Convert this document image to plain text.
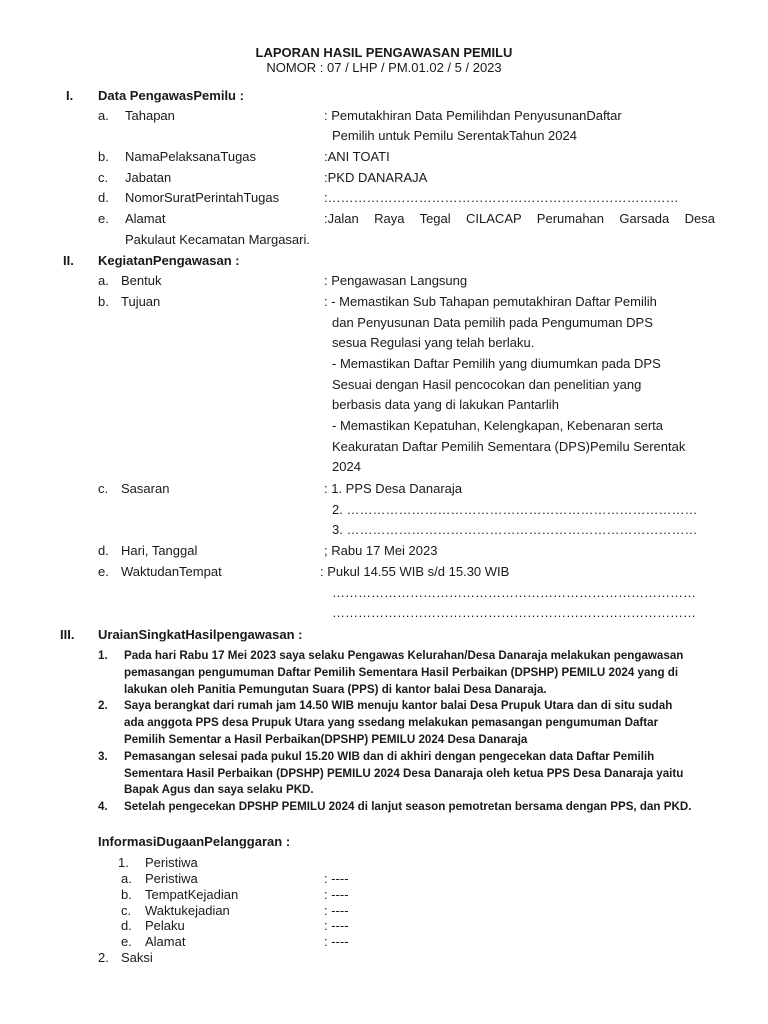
LAPORAN HASIL PENGAWASAN PEMILU
NOMOR : 07 / LHP / PM.01.02 / 5 / 2023
I. Data PengawasPemilu :
a. Tahapan	: Pemutakhiran Data Pemilihdan PenyusunanDaftar
Pemilih untuk Pemilu SerentakTahun 2024
b. NamaPelaksanaTugas	:ANI TOATI
c. Jabatan	:PKD DANARAJA
d. NomorSuratPerintahTugas	:………………………………………………………………………
e. Alamat	:Jalan Raya Tegal CILACAP Perumahan Garsada Desa
Pakulaut Kecamatan Margasari.
II. KegiatanPengawasan :
a. Bentuk	: Pengawasan Langsung
b. Tujuan	: - Memastikan Sub Tahapan pemutakhiran Daftar Pemilih
dan Penyusunan Data pemilih pada Pengumuman DPS
sesua Regulasi yang telah berlaku.
- Memastikan Daftar Pemilih yang diumumkan pada DPS
Sesuai dengan Hasil pencocokan dan penelitian yang
berbasis data yang di lakukan Pantarlih
- Memastikan Kepatuhan, Kelengkapan, Kebenaran serta
Keakuratan Daftar Pemilih Sementara (DPS)Pemilu Serentak
2024
c. Sasaran	: 1. PPS Desa Danaraja
2. ………………………………………………………………………
3. ………………………………………………………………………
d. Hari, Tanggal	; Rabu 17 Mei 2023
e. WaktudanTempat	: Pukul 14.55 WIB s/d 15.30 WIB
…………………………………………………………………………
…………………………………………………………………………
III. UraianSingkatHasilpengawasan :
1. Pada hari Rabu 17 Mei 2023 saya selaku Pengawas Kelurahan/Desa Danaraja melakukan pengawasan
pemasangan pengumuman Daftar Pemilih Sementara Hasil Perbaikan (DPSHP) PEMILU 2024 yang di
lakukan oleh Panitia Pemungutan Suara (PPS) di kantor balai Desa Danaraja.
2. Saya berangkat dari rumah jam 14.50 WIB menuju kantor balai Desa Prupuk Utara dan di situ sudah
ada anggota PPS desa Prupuk Utara yang ssedang melakukan pemasangan pengumuman Daftar
Pemilih Sementar a Hasil Perbaikan(DPSHP) PEMILU 2024 Desa Danaraja
3. Pemasangan selesai pada pukul 15.20 WIB dan di akhiri dengan pengecekan data Daftar Pemilih
Sementara Hasil Perbaikan (DPSHP) PEMILU 2024 Desa Danaraja oleh ketua PPS Desa Danaraja yaitu
Bapak Agus dan saya selaku PKD.
4. Setelah pengecekan DPSHP PEMILU 2024 di lanjut season pemotretan bersama dengan PPS, dan PKD.
InformasiDugaanPelanggaran :
1. Peristiwa
a. Peristiwa	: ----
b. TempatKejadian	: ----
c. Waktukejadian	: ----
d. Pelaku	: ----
e. Alamat	: ----
2. Saksi
